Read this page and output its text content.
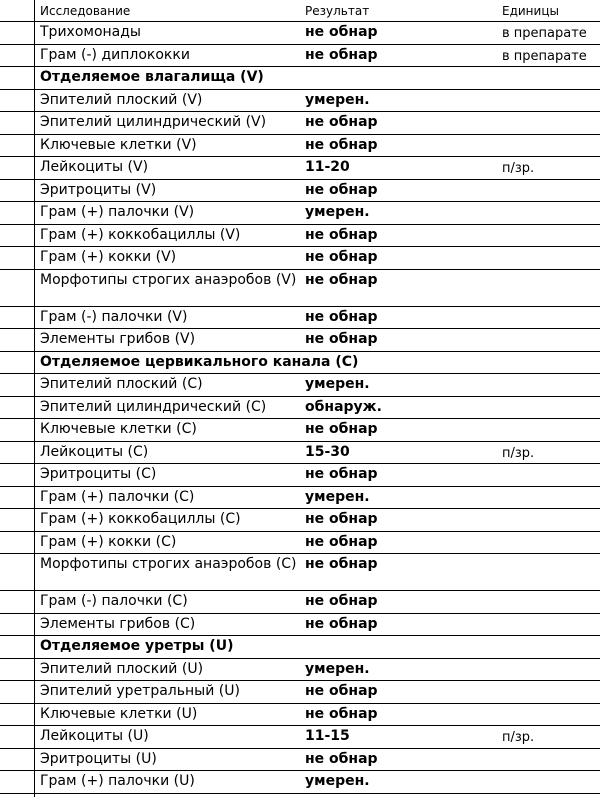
Исследование	Результат	Единицы
Трихомонады	не обнар	в препарате
Грам (-) диплококки	не обнар	в препарате
Отделяемое влагалища (V)
Эпителий плоский (V)	умерен.
Эпителий цилиндрический (V)	не обнар
Ключевые клетки (V)	не обнар
Лейкоциты (V)	11-20	п/зр.
Эритроциты (V)	не обнар
Грам (+) палочки (V)	умерен.
Грам (+) коккобациллы (V)	не обнар
Грам (+) кокки (V)	не обнар
Морфотипы строгих анаэробов (V) не обнар
Грам (-) палочки (V)	не обнар
Элементы грибов (V)	не обнар
Отделяемое цервикального канала (C)
Эпителий плоский (C)	умерен.
Эпителий цилиндрический (C)	обнаруж.
Ключевые клетки (C)	не обнар
Лейкоциты (C)	15-30	п/зр.
Эритроциты (C)	не обнар
Грам (+) палочки (C)	умерен.
Грам (+) коккобациллы (C)	не обнар
Грам (+) кокки (C)	не обнар
Морфотипы строгих анаэробов (C) не обнар
Грам (-) палочки (C)	не обнар
Элементы грибов (C)	не обнар
Отделяемое уретры (U)
Эпителий плоский (U)	умерен.
Эпителий уретральный (U)	не обнар
Ключевые клетки (U)	не обнар
Лейкоциты (U)	11-15	п/зр.
Эритроциты (U)	не обнар
Грам (+) палочки (U)	умерен.
